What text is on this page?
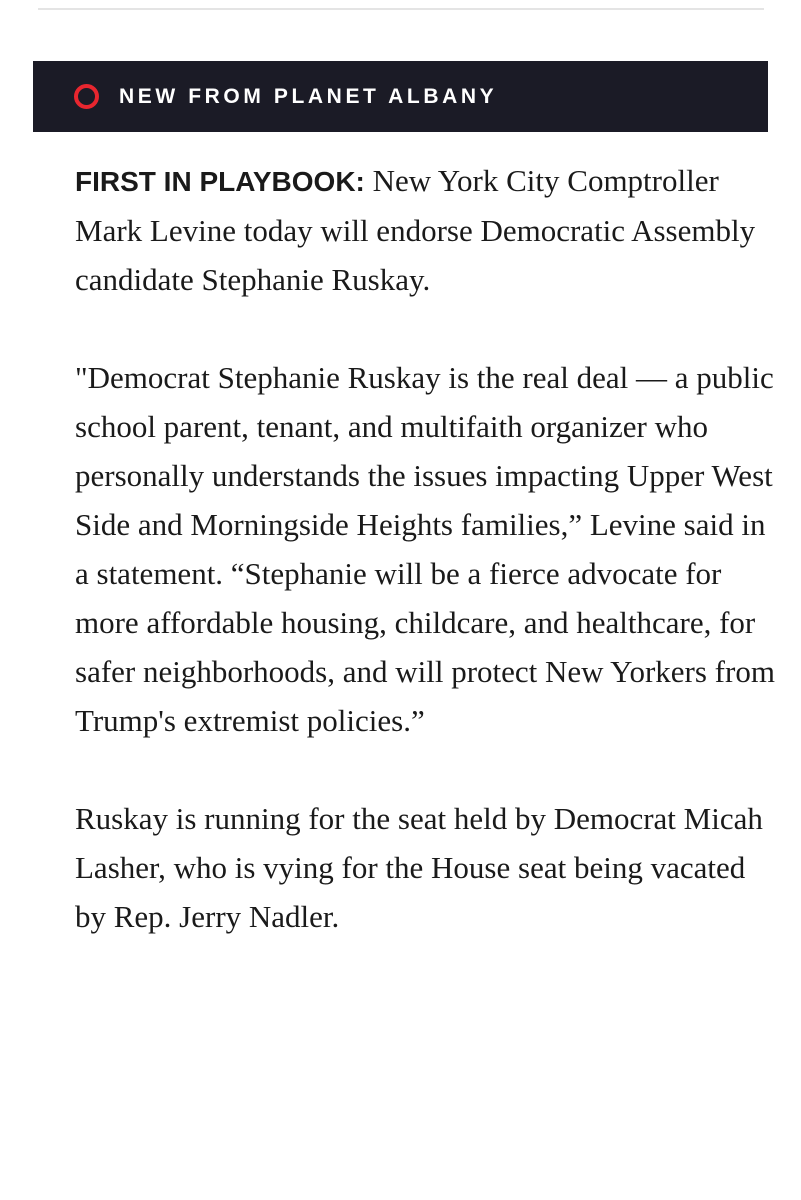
NEW FROM PLANET ALBANY

FIRST IN PLAYBOOK: New York City Comptroller Mark Levine today will endorse Democratic Assembly candidate Stephanie Ruskay.

"Democrat Stephanie Ruskay is the real deal — a public school parent, tenant, and multifaith organizer who personally understands the issues impacting Upper West Side and Morningside Heights families,” Levine said in a statement. “Stephanie will be a fierce advocate for more affordable housing, childcare, and healthcare, for safer neighborhoods, and will protect New Yorkers from Trump's extremist policies.”

Ruskay is running for the seat held by Democrat Micah Lasher, who is vying for the House seat being vacated by Rep. Jerry Nadler.
